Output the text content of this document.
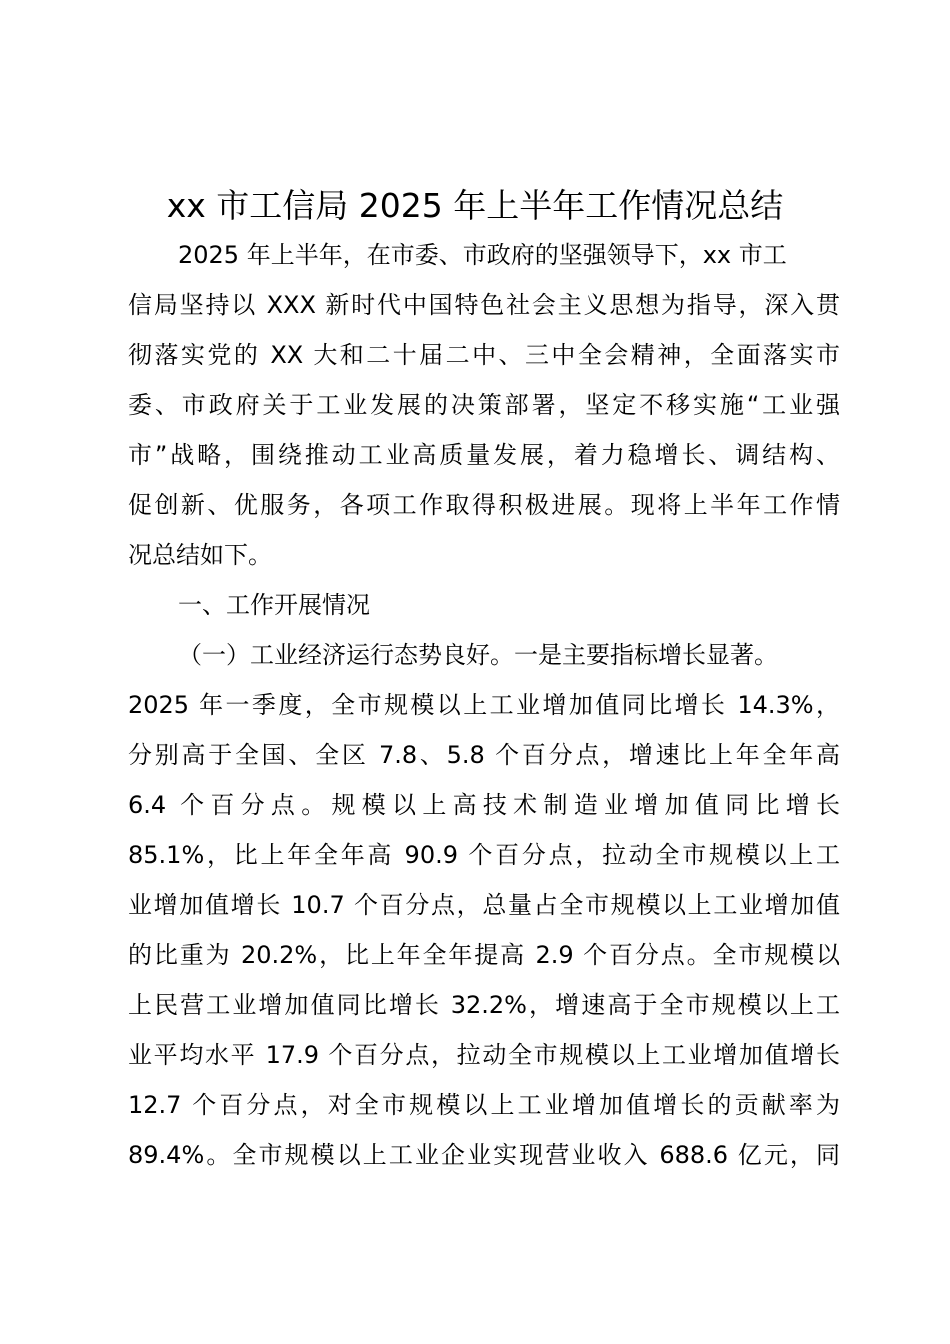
xx 市工信局 2025 年上半年工作情况总结
2025 年上半年，在市委、市政府的坚强领导下，xx 市工
信局坚持以 XXX 新时代中国特色社会主义思想为指导，深入贯
彻落实党的 XX 大和二十届二中、三中全会精神，全面落实市
委、市政府关于工业发展的决策部署，坚定不移实施“工业强
市”战略，围绕推动工业高质量发展，着力稳增长、调结构、
促创新、优服务，各项工作取得积极进展。现将上半年工作情
况总结如下。
一、工作开展情况
（一）工业经济运行态势良好。一是主要指标增长显著。
2025 年一季度，全市规模以上工业增加值同比增长 14.3%，
分别高于全国、全区 7.8、5.8 个百分点，增速比上年全年高
6.4 个百分点。规模以上高技术制造业增加值同比增长
85.1%，比上年全年高 90.9 个百分点，拉动全市规模以上工
业增加值增长 10.7 个百分点，总量占全市规模以上工业增加值
的比重为 20.2%，比上年全年提高 2.9 个百分点。全市规模以
上民营工业增加值同比增长 32.2%，增速高于全市规模以上工
业平均水平 17.9 个百分点，拉动全市规模以上工业增加值增长
12.7 个百分点，对全市规模以上工业增加值增长的贡献率为
89.4%。全市规模以上工业企业实现营业收入 688.6 亿元，同
